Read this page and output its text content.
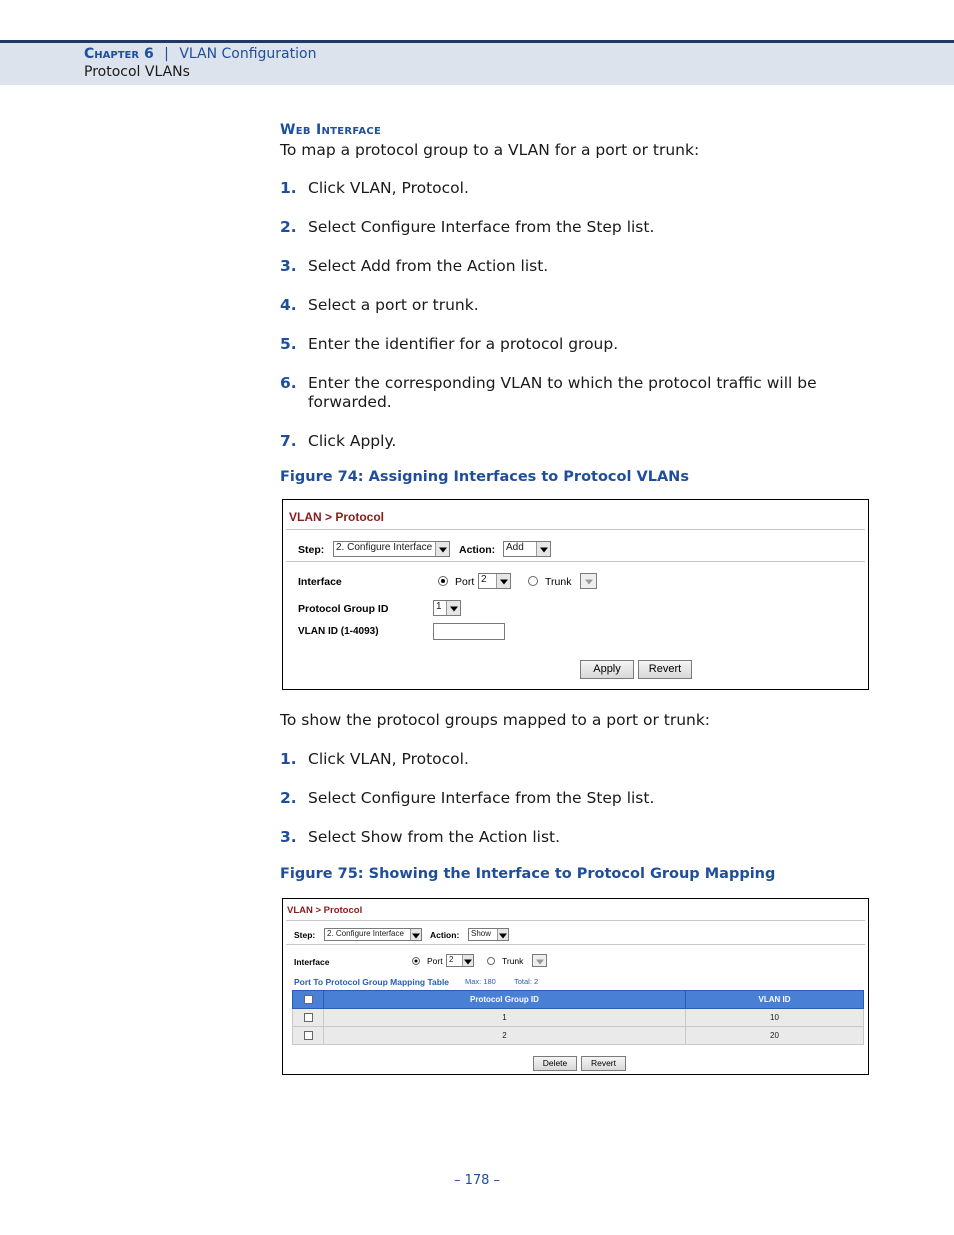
Chapter 6 | VLAN Configuration
Protocol VLANs
Web Interface
To map a protocol group to a VLAN for a port or trunk:
1. Click VLAN, Protocol.
2. Select Configure Interface from the Step list.
3. Select Add from the Action list.
4. Select a port or trunk.
5. Enter the identifier for a protocol group.
6. Enter the corresponding VLAN to which the protocol traffic will be forwarded.
7. Click Apply.
Figure 74: Assigning Interfaces to Protocol VLANs
To show the protocol groups mapped to a port or trunk:
1. Click VLAN, Protocol.
2. Select Configure Interface from the Step list.
3. Select Show from the Action list.
Figure 75: Showing the Interface to Protocol Group Mapping
VLAN > Protocol
Step: 2. Configure Interface	Action: Add
Interface	Port 2	Trunk
Protocol Group ID	1
VLAN ID (1-4093)
Apply	Revert
VLAN > Protocol
Step: 2. Configure Interface	Action: Show
Interface	Port 2	Trunk
Port To Protocol Group Mapping Table Max: 180 Total: 2
	Protocol Group ID	VLAN ID
	1	10
	2	20
Delete	Revert
– 178 –
